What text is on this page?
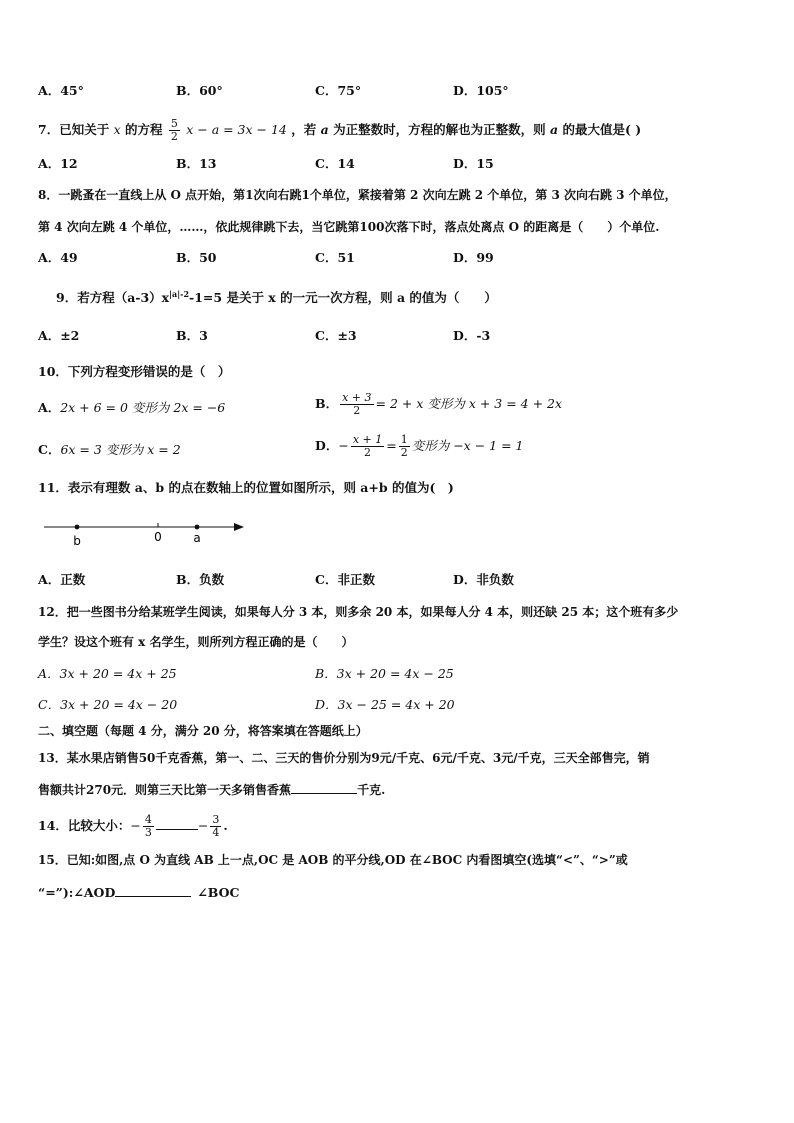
A．45°	B．60°	C．75°	D．105°
7．已知关于 x 的方程 $\frac{5}{2}$ x − a = 3x − 14 ，若 a 为正整数时，方程的解也为正整数，则 a 的最大值是( )
A．12	B．13	C．14	D．15
8．一跳蚤在一直线上从 O 点开始，第1次向右跳1个单位，紧接着第 2 次向左跳 2 个单位，第 3 次向右跳 3 个单位，
第 4 次向左跳 4 个单位，……，依此规律跳下去，当它跳第100次落下时，落点处离点 O 的距离是（　　）个单位.
A．49	B．50	C．51	D．99
9．若方程$(a-3)x^{|a|-2}-1=5$ 是关于 x 的一元一次方程，则 a 的值为（　　）
A．±2	B．3	C．±3	D．-3
10．下列方程变形错误的是（　）
A．2x + 6 = 0 变形为 2x = −6	B． $\frac{x + 3}{2} = 2 + x$ 变形为 x + 3 = 4 + 2x
C．6x = 3 变形为 x = 2	D．− $\frac{x + 1}{2} = \frac{1}{2}$ 变形为 −x − 1 = 1
11．表示有理数 a、b 的点在数轴上的位置如图所示，则 a+b 的值为(　)
b	0	a
A．正数	B．负数	C．非正数	D．非负数
12．把一些图书分给某班学生阅读，如果每人分 3 本，则多余 20 本，如果每人分 4 本，则还缺 25 本；这个班有多少
学生？设这个班有 x 名学生，则所列方程正确的是（　　）
A．3x + 20 = 4x + 25	B．3x + 20 = 4x − 25
C．3x + 20 = 4x − 20	D．3x − 25 = 4x + 20
二、填空题（每题 4 分，满分 20 分，将答案填在答题纸上）
13．某水果店销售50千克香蕉，第一、二、三天的售价分别为9元/千克、6元/千克、3元/千克，三天全部售完，销
售额共计270元．则第三天比第一天多销售香蕉	千克.
14．比较大小：− $\frac{4}{3}$	− $\frac{3}{4}$ .
15．已知:如图,点 O 为直线 AB 上一点,OC 是 AOB 的平分线,OD 在∠BOC 内看图填空(选填“<”、“>”或
“=”):∠AOD	∠BOC
